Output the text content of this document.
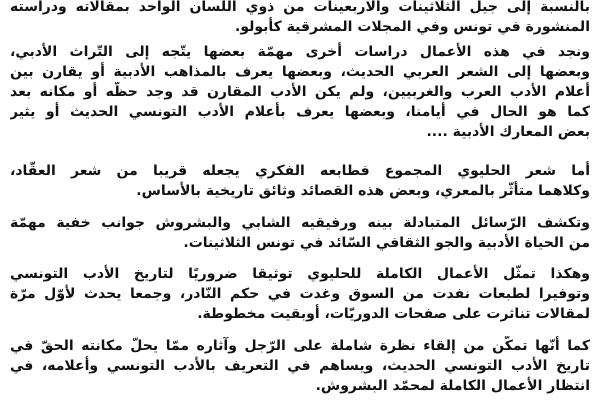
بالنسبة إلى جيل الثلاثينات والاربعينات من ذوي اللسان الواحد بمقالاته ودراسته
المنشورة في تونس وفي المجلات المشرقية كأبولو.
ونجد في هذه الأعمال دراسات أخرى مهمّة بعضها يتّجه إلى التّراث الأدبي،
وبعضها إلى الشعر العربي الحديث، وبعضها يعرف بالمذاهب الأدبية أو يقارن بين
أعلام الأدب العرب والغربيين، ولم يكن الأدب المقارن قد وجد حظّه أو مكانه بعد
كما هو الحال في أيامنا، وبعضها يعرف بأعلام الأدب التونسي الحديث أو يثير
بعض المعارك الأدبية ....
أما شعر الحليوي المجموع فطابعه الفكري يجعله قريبا من شعر العقّاد،
وكلاهما متأثّر بالمعري، وبعض هذه القصائد وثائق تاريخية بالأساس.
وتكشف الرّسائل المتبادلة بينه ورفيقيه الشابي والبشروش جوانب خفية مهمّة
من الحياة الأدبية والجو الثقافي السّائد في تونس الثلاثينات.
وهكذا تمثّل الأعمال الكاملة للحليوي توثيقا ضروريًا لتاريخ الأدب التونسي
وتوفيرا لطبعات نفدت من السوق وغدت في حكم النّادر، وجمعا يحدث لأوّل مرّة
لمقالات تناثرت على صفحات الدوريّات، أوبقيت مخطوطة.
كما أنّها تمكّن من إلقاء نظرة شاملة على الرّجل وآثاره ممّا يحلّ مكانته الحقّ في
تاريخ الأدب التونسي الحديث، ويساهم في التعريف بالأدب التونسي وأعلامه، في
انتظار الأعمال الكاملة لمحمّد البشروش.
